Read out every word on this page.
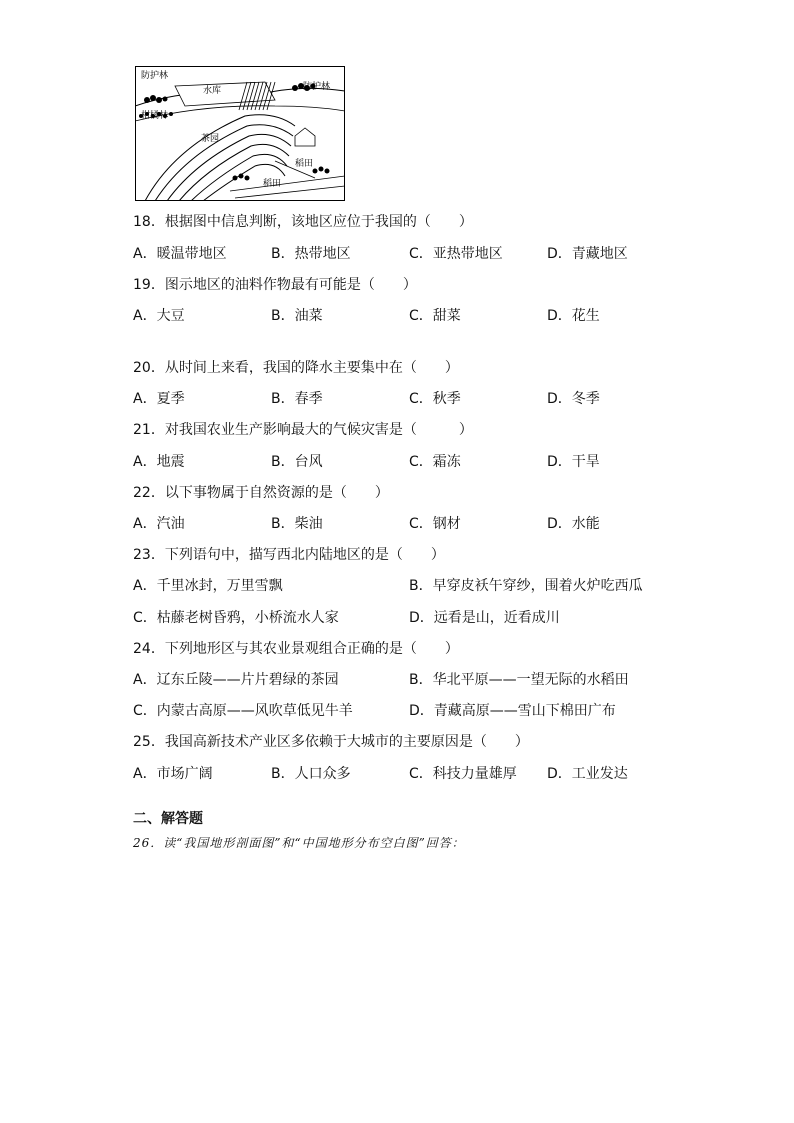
防护林
水库	防护林
柑橘林
茶园
稻田
稻田
18．根据图中信息判断，该地区应位于我国的（　　）
A．暖温带地区	B．热带地区	C．亚热带地区	D．青藏地区
19．图示地区的油料作物最有可能是（　　）
A．大豆	B．油菜	C．甜菜	D．花生
20．从时间上来看，我国的降水主要集中在（　　）
A．夏季	B．春季	C．秋季	D．冬季
21．对我国农业生产影响最大的气候灾害是（　　　）
A．地震	B．台风	C．霜冻	D．干旱
22．以下事物属于自然资源的是（　　）
A．汽油	B．柴油	C．钢材	D．水能
23．下列语句中，描写西北内陆地区的是（　　）
A．千里冰封，万里雪飘	B．早穿皮袄午穿纱，围着火炉吃西瓜
C．枯藤老树昏鸦，小桥流水人家	D．远看是山，近看成川
24．下列地形区与其农业景观组合正确的是（　　）
A．辽东丘陵——片片碧绿的茶园	B．华北平原——一望无际的水稻田
C．内蒙古高原——风吹草低见牛羊	D．青藏高原——雪山下棉田广布
25．我国高新技术产业区多依赖于大城市的主要原因是（　　）
A．市场广阔	B．人口众多	C．科技力量雄厚 D．工业发达
二、解答题
26．读“我国地形剖面图”和“中国地形分布空白图”回答：
